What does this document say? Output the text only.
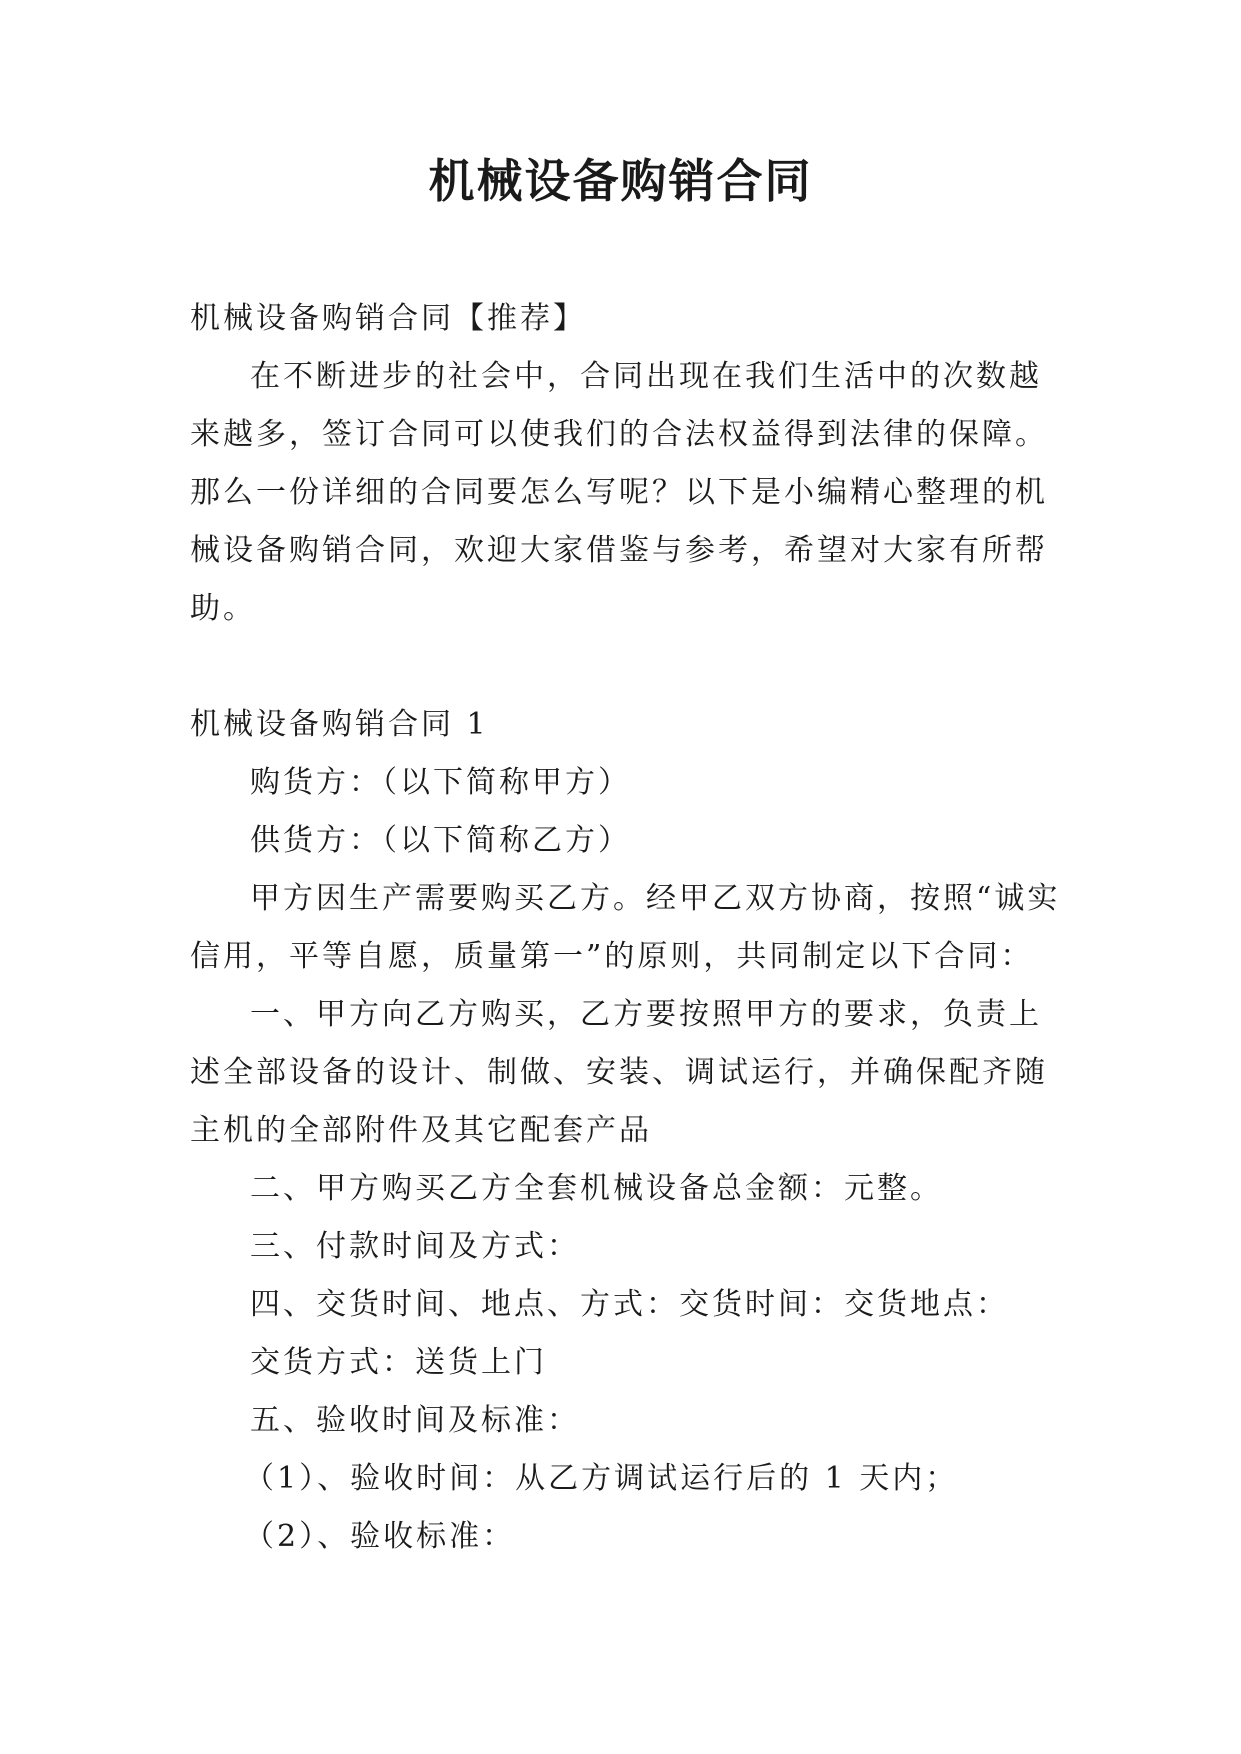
机械设备购销合同

机械设备购销合同【推荐】

在不断进步的社会中，合同出现在我们生活中的次数越来越多，签订合同可以使我们的合法权益得到法律的保障。那么一份详细的合同要怎么写呢？以下是小编精心整理的机械设备购销合同，欢迎大家借鉴与参考，希望对大家有所帮助。

机械设备购销合同 1

购货方：（以下简称甲方）

供货方：（以下简称乙方）

甲方因生产需要购买乙方。经甲乙双方协商，按照“诚实信用，平等自愿，质量第一”的原则，共同制定以下合同：

一、甲方向乙方购买，乙方要按照甲方的要求，负责上述全部设备的设计、制做、安装、调试运行，并确保配齐随主机的全部附件及其它配套产品

二、甲方购买乙方全套机械设备总金额：元整。

三、付款时间及方式：

四、交货时间、地点、方式：交货时间：交货地点：

交货方式：送货上门

五、验收时间及标准：

（1）、验收时间：从乙方调试运行后的 1 天内；

（2）、验收标准：
